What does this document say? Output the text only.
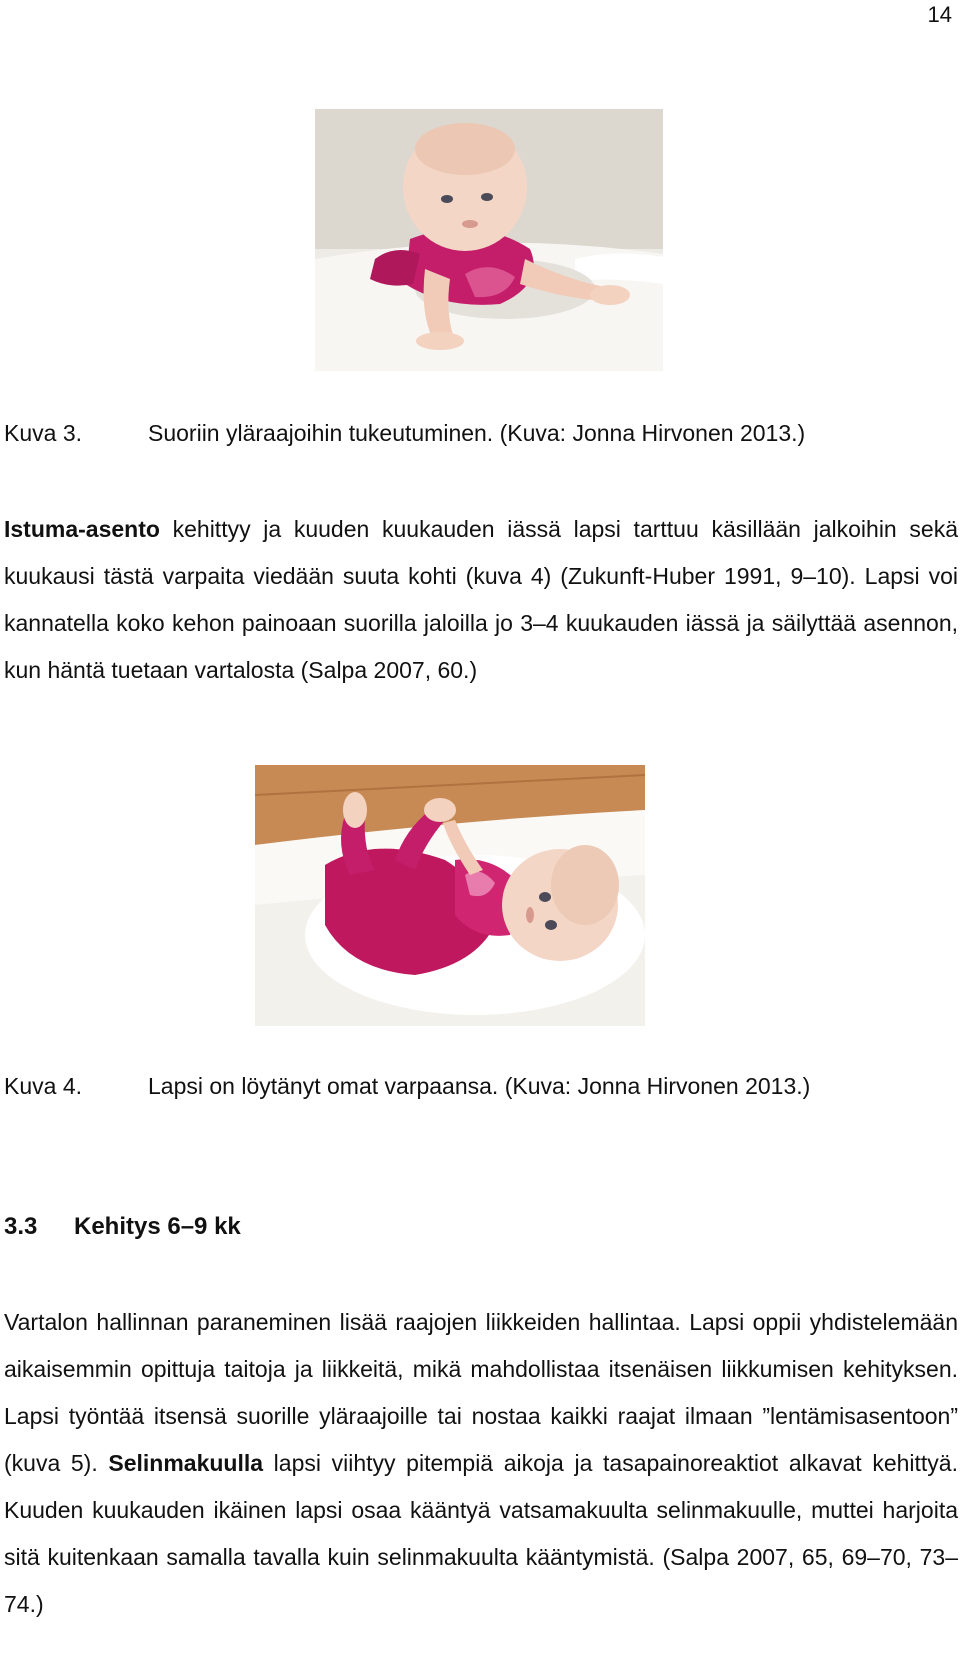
14
Kuva 3.	Suoriin yläraajoihin tukeutuminen. (Kuva: Jonna Hirvonen 2013.)
Istuma-asento kehittyy ja kuuden kuukauden iässä lapsi tarttuu käsillään jalkoihin sekä kuukausi tästä varpaita viedään suuta kohti (kuva 4) (Zukunft-Huber 1991, 9–10). Lapsi voi kannatella koko kehon painoaan suorilla jaloilla jo 3–4 kuukauden iässä ja säilyttää asennon, kun häntä tuetaan vartalosta (Salpa 2007, 60.)
Kuva 4.	Lapsi on löytänyt omat varpaansa. (Kuva: Jonna Hirvonen 2013.)
3.3 Kehitys 6–9 kk
Vartalon hallinnan paraneminen lisää raajojen liikkeiden hallintaa. Lapsi oppii yhdistelemään aikaisemmin opittuja taitoja ja liikkeitä, mikä mahdollistaa itsenäisen liikkumisen kehityksen. Lapsi työntää itsensä suorille yläraajoille tai nostaa kaikki raajat ilmaan ”lentämisasentoon” (kuva 5). Selinmakuulla lapsi viihtyy pitempiä aikoja ja tasapainoreaktiot alkavat kehittyä. Kuuden kuukauden ikäinen lapsi osaa kääntyä vatsamakuulta selinmakuulle, muttei harjoita sitä kuitenkaan samalla tavalla kuin selinmakuulta kääntymistä. (Salpa 2007, 65, 69–70, 73–74.)
